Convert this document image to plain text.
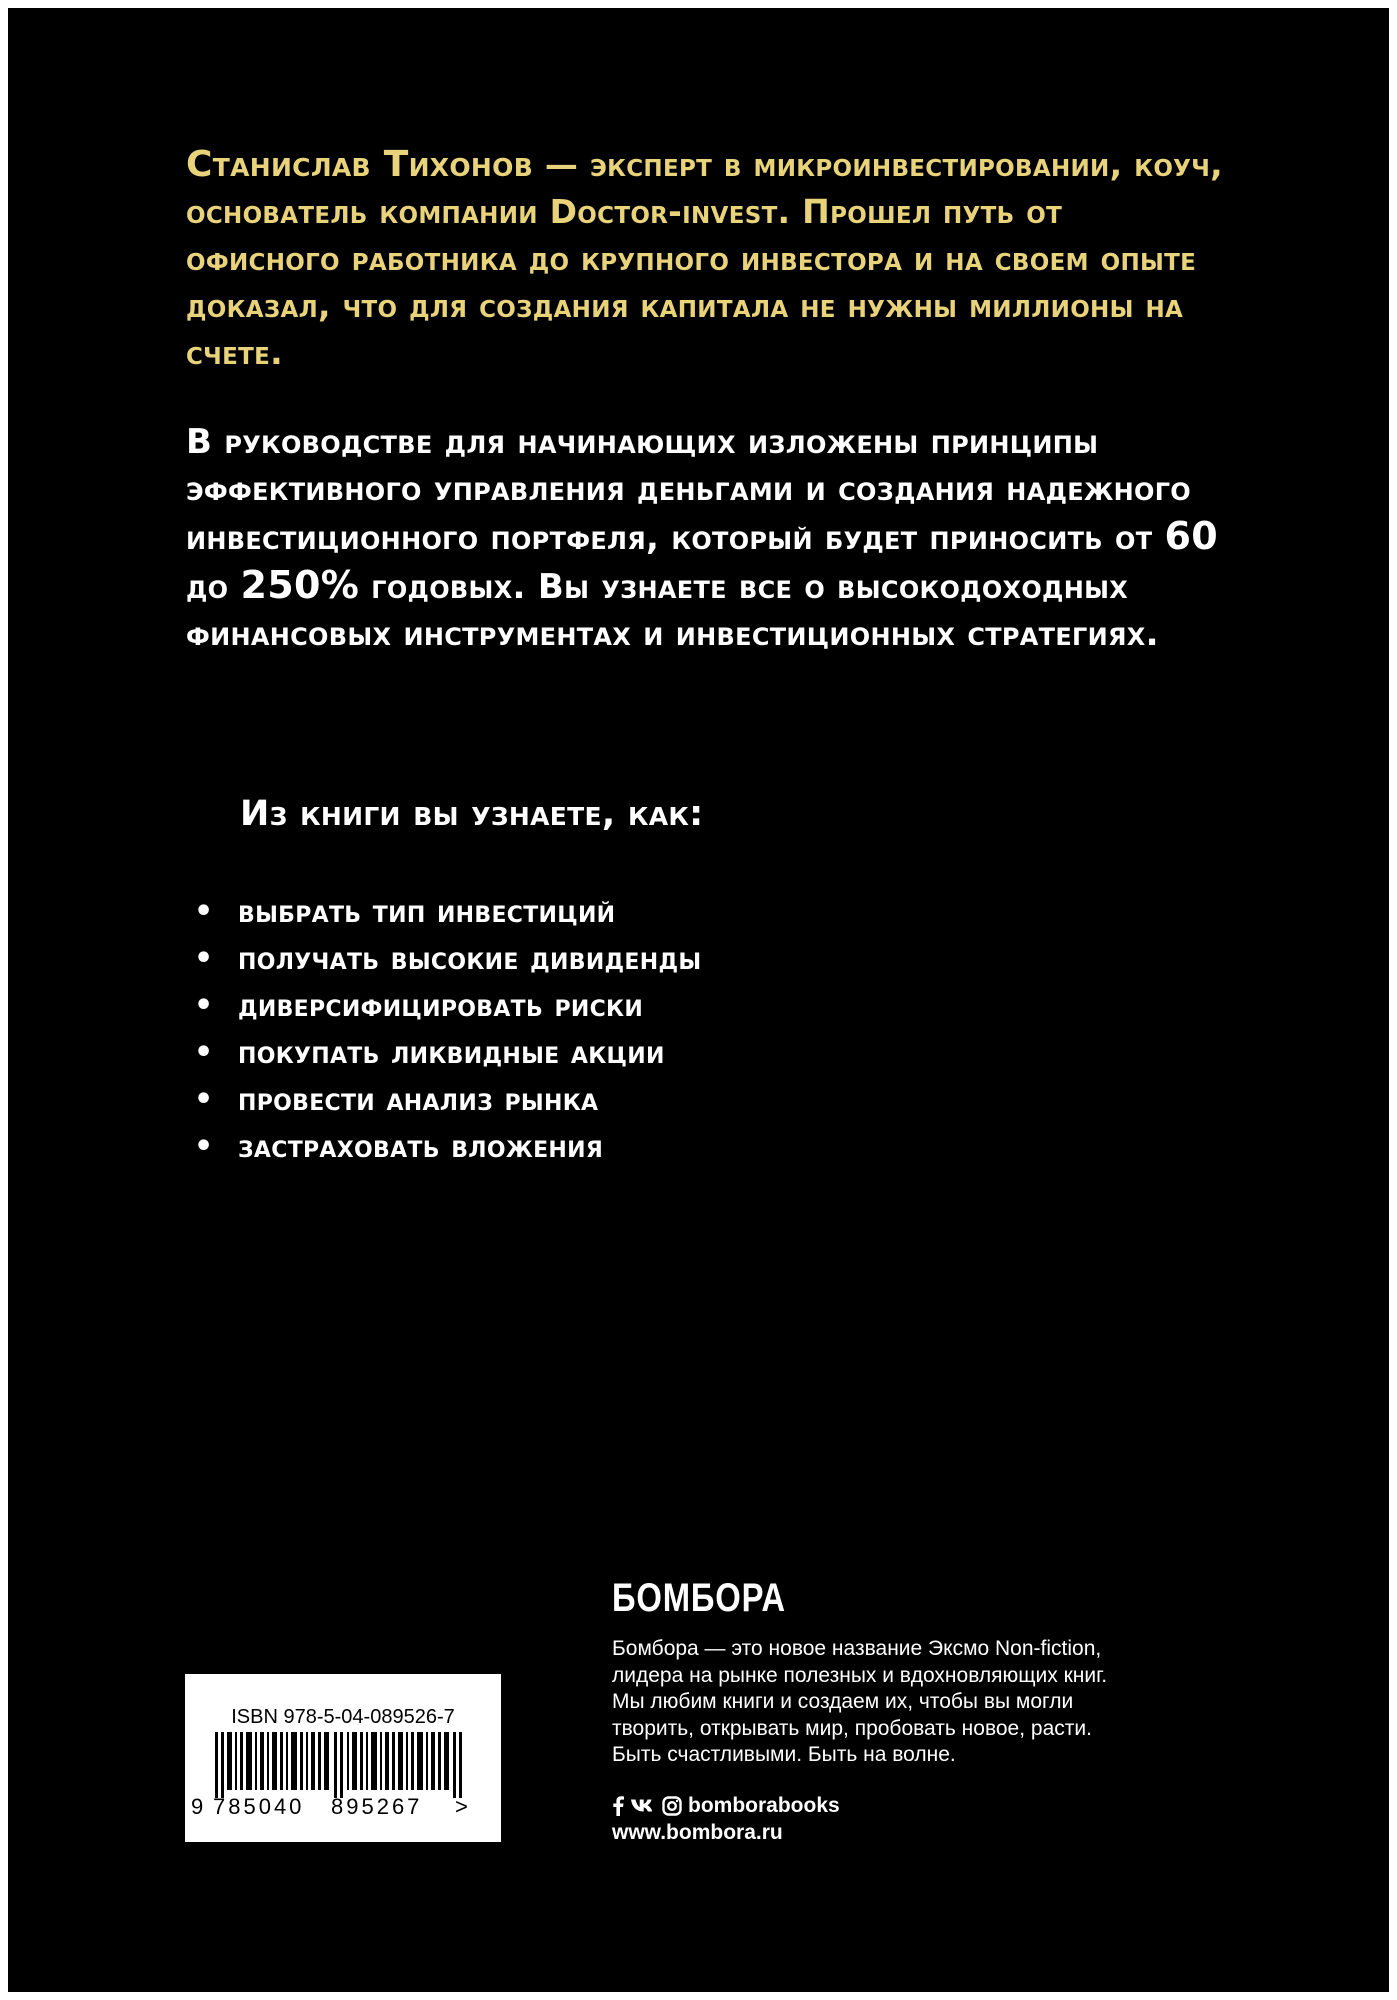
Станислав Тихонов — эксперт в микроинвестировании, коуч, основатель компании Doctor-invest. Прошел путь от офисного работника до крупного инвестора и на своем опыте доказал, что для создания капитала не нужны миллионы на счете.

В руководстве для начинающих изложены принципы эффективного управления деньгами и создания надежного инвестиционного портфеля, который будет приносить от 60 до 250% годовых. Вы узнаете все о высокодоходных финансовых инструментах и инвестиционных стратегиях.

Из книги вы узнаете, как:

• выбрать тип инвестиций
• получать высокие дивиденды
• диверсифицировать риски
• покупать ликвидные акции
• провести анализ рынка
• застраховать вложения
ISBN 978-5-04-089526-7
9 785040	895267	>
БОМБОРА

Бомбора — это новое название Эксмо Non-fiction,
лидера на рынке полезных и вдохновляющих книг.
Мы любим книги и создаем их, чтобы вы могли
творить, открывать мир, пробовать новое, расти.
Быть счастливыми. Быть на волне.

bomborabooks
www.bombora.ru
